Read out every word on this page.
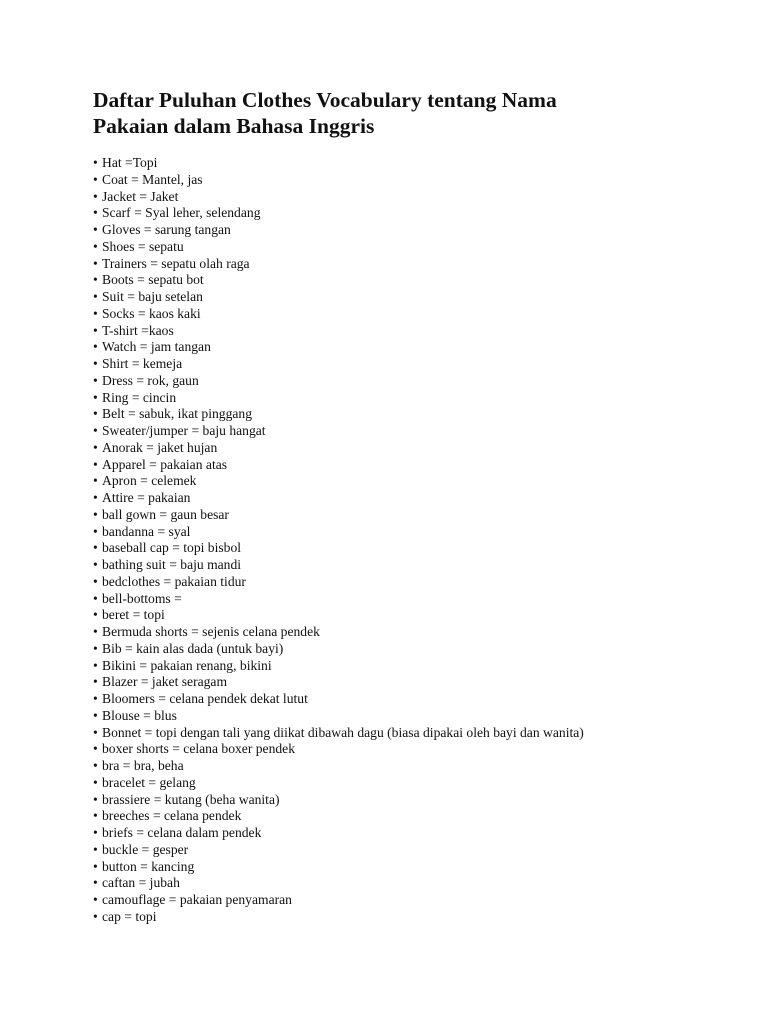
Daftar Puluhan Clothes Vocabulary tentang Nama
Pakaian dalam Bahasa Inggris
• Hat =Topi
• Coat = Mantel, jas
• Jacket = Jaket
• Scarf = Syal leher, selendang
• Gloves = sarung tangan
• Shoes = sepatu
• Trainers = sepatu olah raga
• Boots = sepatu bot
• Suit = baju setelan
• Socks = kaos kaki
• T-shirt =kaos
• Watch = jam tangan
• Shirt = kemeja
• Dress = rok, gaun
• Ring = cincin
• Belt = sabuk, ikat pinggang
• Sweater/jumper = baju hangat
• Anorak = jaket hujan
• Apparel = pakaian atas
• Apron = celemek
• Attire = pakaian
• ball gown = gaun besar
• bandanna = syal
• baseball cap = topi bisbol
• bathing suit = baju mandi
• bedclothes = pakaian tidur
• bell-bottoms =
• beret = topi
• Bermuda shorts = sejenis celana pendek
• Bib = kain alas dada (untuk bayi)
• Bikini = pakaian renang, bikini
• Blazer = jaket seragam
• Bloomers = celana pendek dekat lutut
• Blouse = blus
• Bonnet = topi dengan tali yang diikat dibawah dagu (biasa dipakai oleh bayi dan wanita)
• boxer shorts = celana boxer pendek
• bra = bra, beha
• bracelet = gelang
• brassiere = kutang (beha wanita)
• breeches = celana pendek
• briefs = celana dalam pendek
• buckle = gesper
• button = kancing
• caftan = jubah
• camouflage = pakaian penyamaran
• cap = topi
